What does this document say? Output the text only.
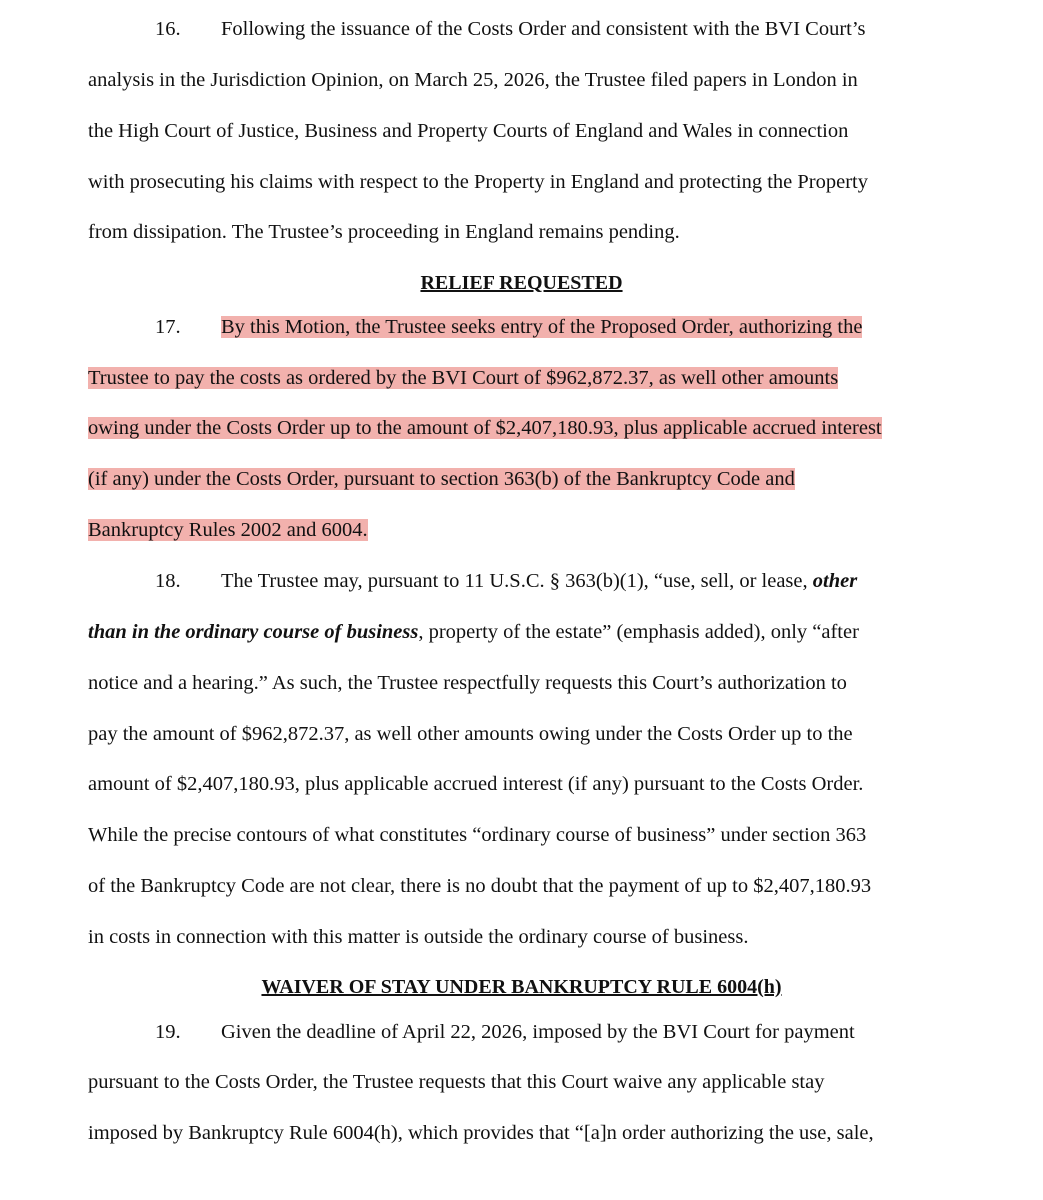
16. Following the issuance of the Costs Order and consistent with the BVI Court’s
analysis in the Jurisdiction Opinion, on March 25, 2026, the Trustee filed papers in London in
the High Court of Justice, Business and Property Courts of England and Wales in connection
with prosecuting his claims with respect to the Property in England and protecting the Property
from dissipation. The Trustee’s proceeding in England remains pending.
RELIEF REQUESTED
17. By this Motion, the Trustee seeks entry of the Proposed Order, authorizing the
Trustee to pay the costs as ordered by the BVI Court of $962,872.37, as well other amounts
owing under the Costs Order up to the amount of $2,407,180.93, plus applicable accrued interest
(if any) under the Costs Order, pursuant to section 363(b) of the Bankruptcy Code and
Bankruptcy Rules 2002 and 6004.
18. The Trustee may, pursuant to 11 U.S.C. § 363(b)(1), “use, sell, or lease, other
than in the ordinary course of business, property of the estate” (emphasis added), only “after
notice and a hearing.” As such, the Trustee respectfully requests this Court’s authorization to
pay the amount of $962,872.37, as well other amounts owing under the Costs Order up to the
amount of $2,407,180.93, plus applicable accrued interest (if any) pursuant to the Costs Order.
While the precise contours of what constitutes “ordinary course of business” under section 363
of the Bankruptcy Code are not clear, there is no doubt that the payment of up to $2,407,180.93
in costs in connection with this matter is outside the ordinary course of business.
WAIVER OF STAY UNDER BANKRUPTCY RULE 6004(h)
19. Given the deadline of April 22, 2026, imposed by the BVI Court for payment
pursuant to the Costs Order, the Trustee requests that this Court waive any applicable stay
imposed by Bankruptcy Rule 6004(h), which provides that “[a]n order authorizing the use, sale,
